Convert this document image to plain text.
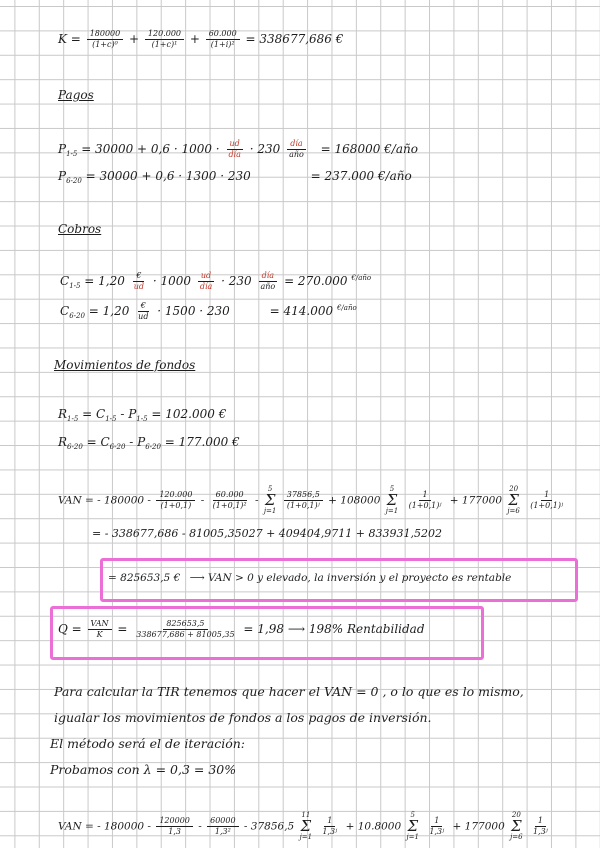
$K = \frac{180000}{\text{(1+c)⁰}} + \frac{120.000}{\text{(1+c)¹}} + \frac{60.000}{\text{(1+i)²}} = 338677,686$ €
Pagos
$P_{1-5} = 30000 + 0,6 \cdot 1000 \cdot \frac{ud}{\text{día}} \cdot 230 \frac{\text{día}}{\text{año}} = 168000$ €/año
$P_{6-20} = 30000 + 0,6 \cdot 1300 \cdot 230$	= 237.000 €/año
Cobros
$C_{1-5} = 1,20 \frac{€}{ud} \cdot 1000 \frac{ud}{\text{día}} \cdot 230 \frac{\text{día}}{\text{año}} = 270.000$ $^{€/año}$
$C_{6-20} = 1,20 \frac{€}{ud} \cdot 1500 \cdot 230$	= 414.000 $^{€/año}$
Movimientos de fondos
$R_{1-5} = C_{1-5} - P_{1-5} = 102.000$ €
$R_{6-20} = C_{6-20} - P_{6-20} = 177.000$ €
VAN = - $180000 - \frac{120.000}{(1+0,1)} - \frac{60.000}{\text{(1+0,1)²}}$ -
5
Σ
j=1

$\frac{37856,5}{\text{(1+0,1)ʲ}} + 108000$
5
Σ
j=1

$\frac{1}{\text{(1+0,1)ʲ}} + 177000$
20
Σ
j=6

$\frac{1}{\text{(1+0,1)ʲ}}$
= - 338677,686 - 81005,35027 + 409404,9711 + 833931,5202
= 825653,5 € ⟶ VAN > 0 y elevado, la inversión y el proyecto es rentable
$Q = \frac{\text{VAN}}{K} = \frac{825653,5}{338677,686 + 81005,35} = 1,98$ ⟶ 198% Rentabilidad
Para calcular la TIR tenemos que hacer el VAN = 0 , o lo que es lo mismo,
igualar los movimientos de fondos a los pagos de inversión.
El método será el de iteración:
Probamos con λ = 0,3 = 30%
VAN = - $180000 - \frac{120000}{1,3} - \frac{60000}{\text{1,3²}} - 37856,5$
11
Σ
j=1

$\frac{1}{\text{1,3ʲ}} + 10.8000$
5
Σ
j=1

$\frac{1}{\text{1,3ʲ}} + 177000$
20
Σ
j=6

$\frac{1}{\text{1,3ʲ}}$
